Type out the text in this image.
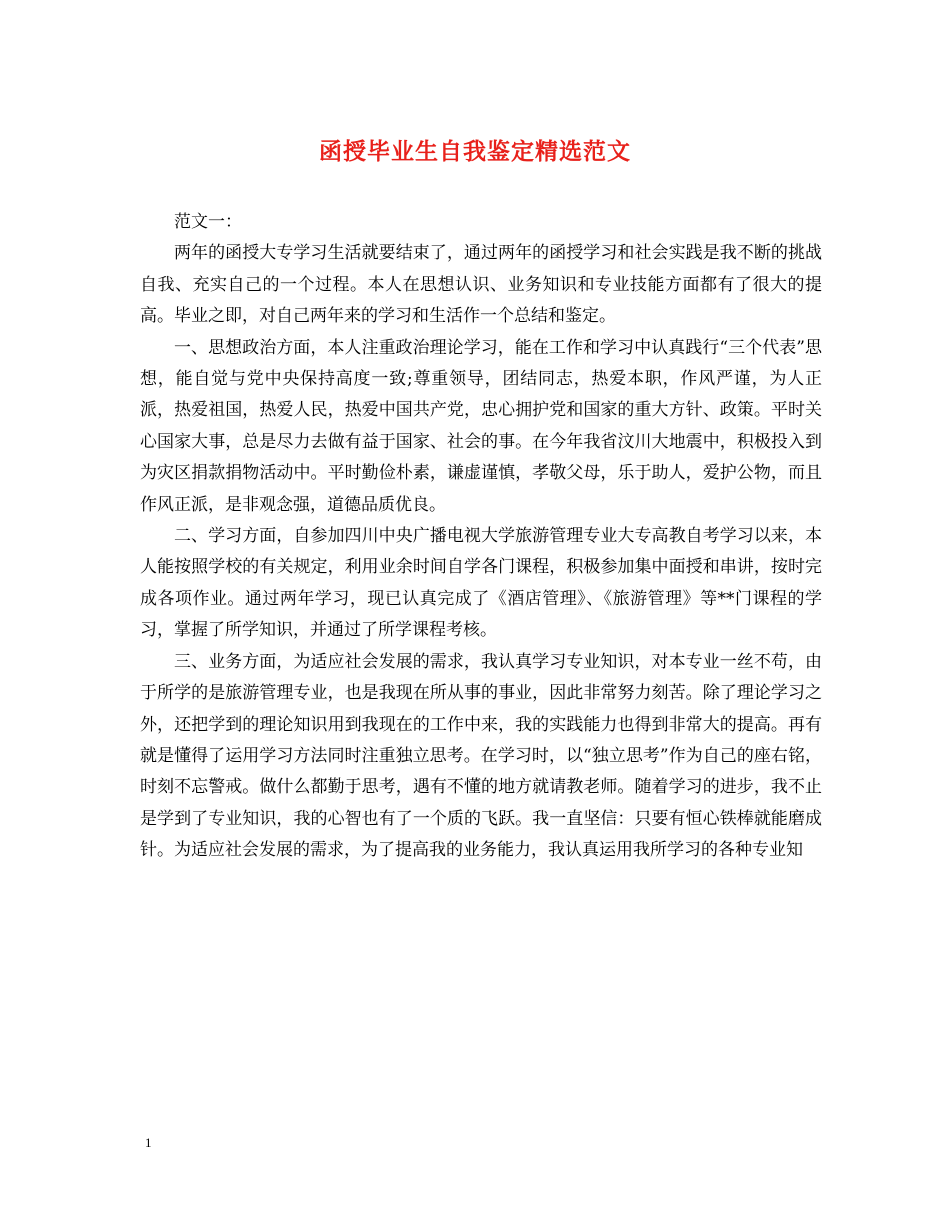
函授毕业生自我鉴定精选范文

范文一：

两年的函授大专学习生活就要结束了，通过两年的函授学习和社会实践是我不断的挑战自我、充实自己的一个过程。本人在思想认识、业务知识和专业技能方面都有了很大的提高。毕业之即，对自己两年来的学习和生活作一个总结和鉴定。

一、思想政治方面，本人注重政治理论学习，能在工作和学习中认真践行“三个代表”思想，能自觉与党中央保持高度一致;尊重领导，团结同志，热爱本职，作风严谨，为人正派，热爱祖国，热爱人民，热爱中国共产党，忠心拥护党和国家的重大方针、政策。平时关心国家大事，总是尽力去做有益于国家、社会的事。在今年我省汶川大地震中，积极投入到为灾区捐款捐物活动中。平时勤俭朴素，谦虚谨慎，孝敬父母，乐于助人，爱护公物，而且作风正派，是非观念强，道德品质优良。

二、学习方面，自参加四川中央广播电视大学旅游管理专业大专高教自考学习以来，本人能按照学校的有关规定，利用业余时间自学各门课程，积极参加集中面授和串讲，按时完成各项作业。通过两年学习，现已认真完成了《酒店管理》、《旅游管理》等**门课程的学习，掌握了所学知识，并通过了所学课程考核。

三、业务方面，为适应社会发展的需求，我认真学习专业知识，对本专业一丝不苟，由于所学的是旅游管理专业，也是我现在所从事的事业，因此非常努力刻苦。除了理论学习之外，还把学到的理论知识用到我现在的工作中来，我的实践能力也得到非常大的提高。再有就是懂得了运用学习方法同时注重独立思考。在学习时，以“独立思考”作为自己的座右铭，时刻不忘警戒。做什么都勤于思考，遇有不懂的地方就请教老师。随着学习的进步，我不止是学到了专业知识，我的心智也有了一个质的飞跃。我一直坚信：只要有恒心铁棒就能磨成针。为适应社会发展的需求，为了提高我的业务能力，我认真运用我所学习的各种专业知

1
